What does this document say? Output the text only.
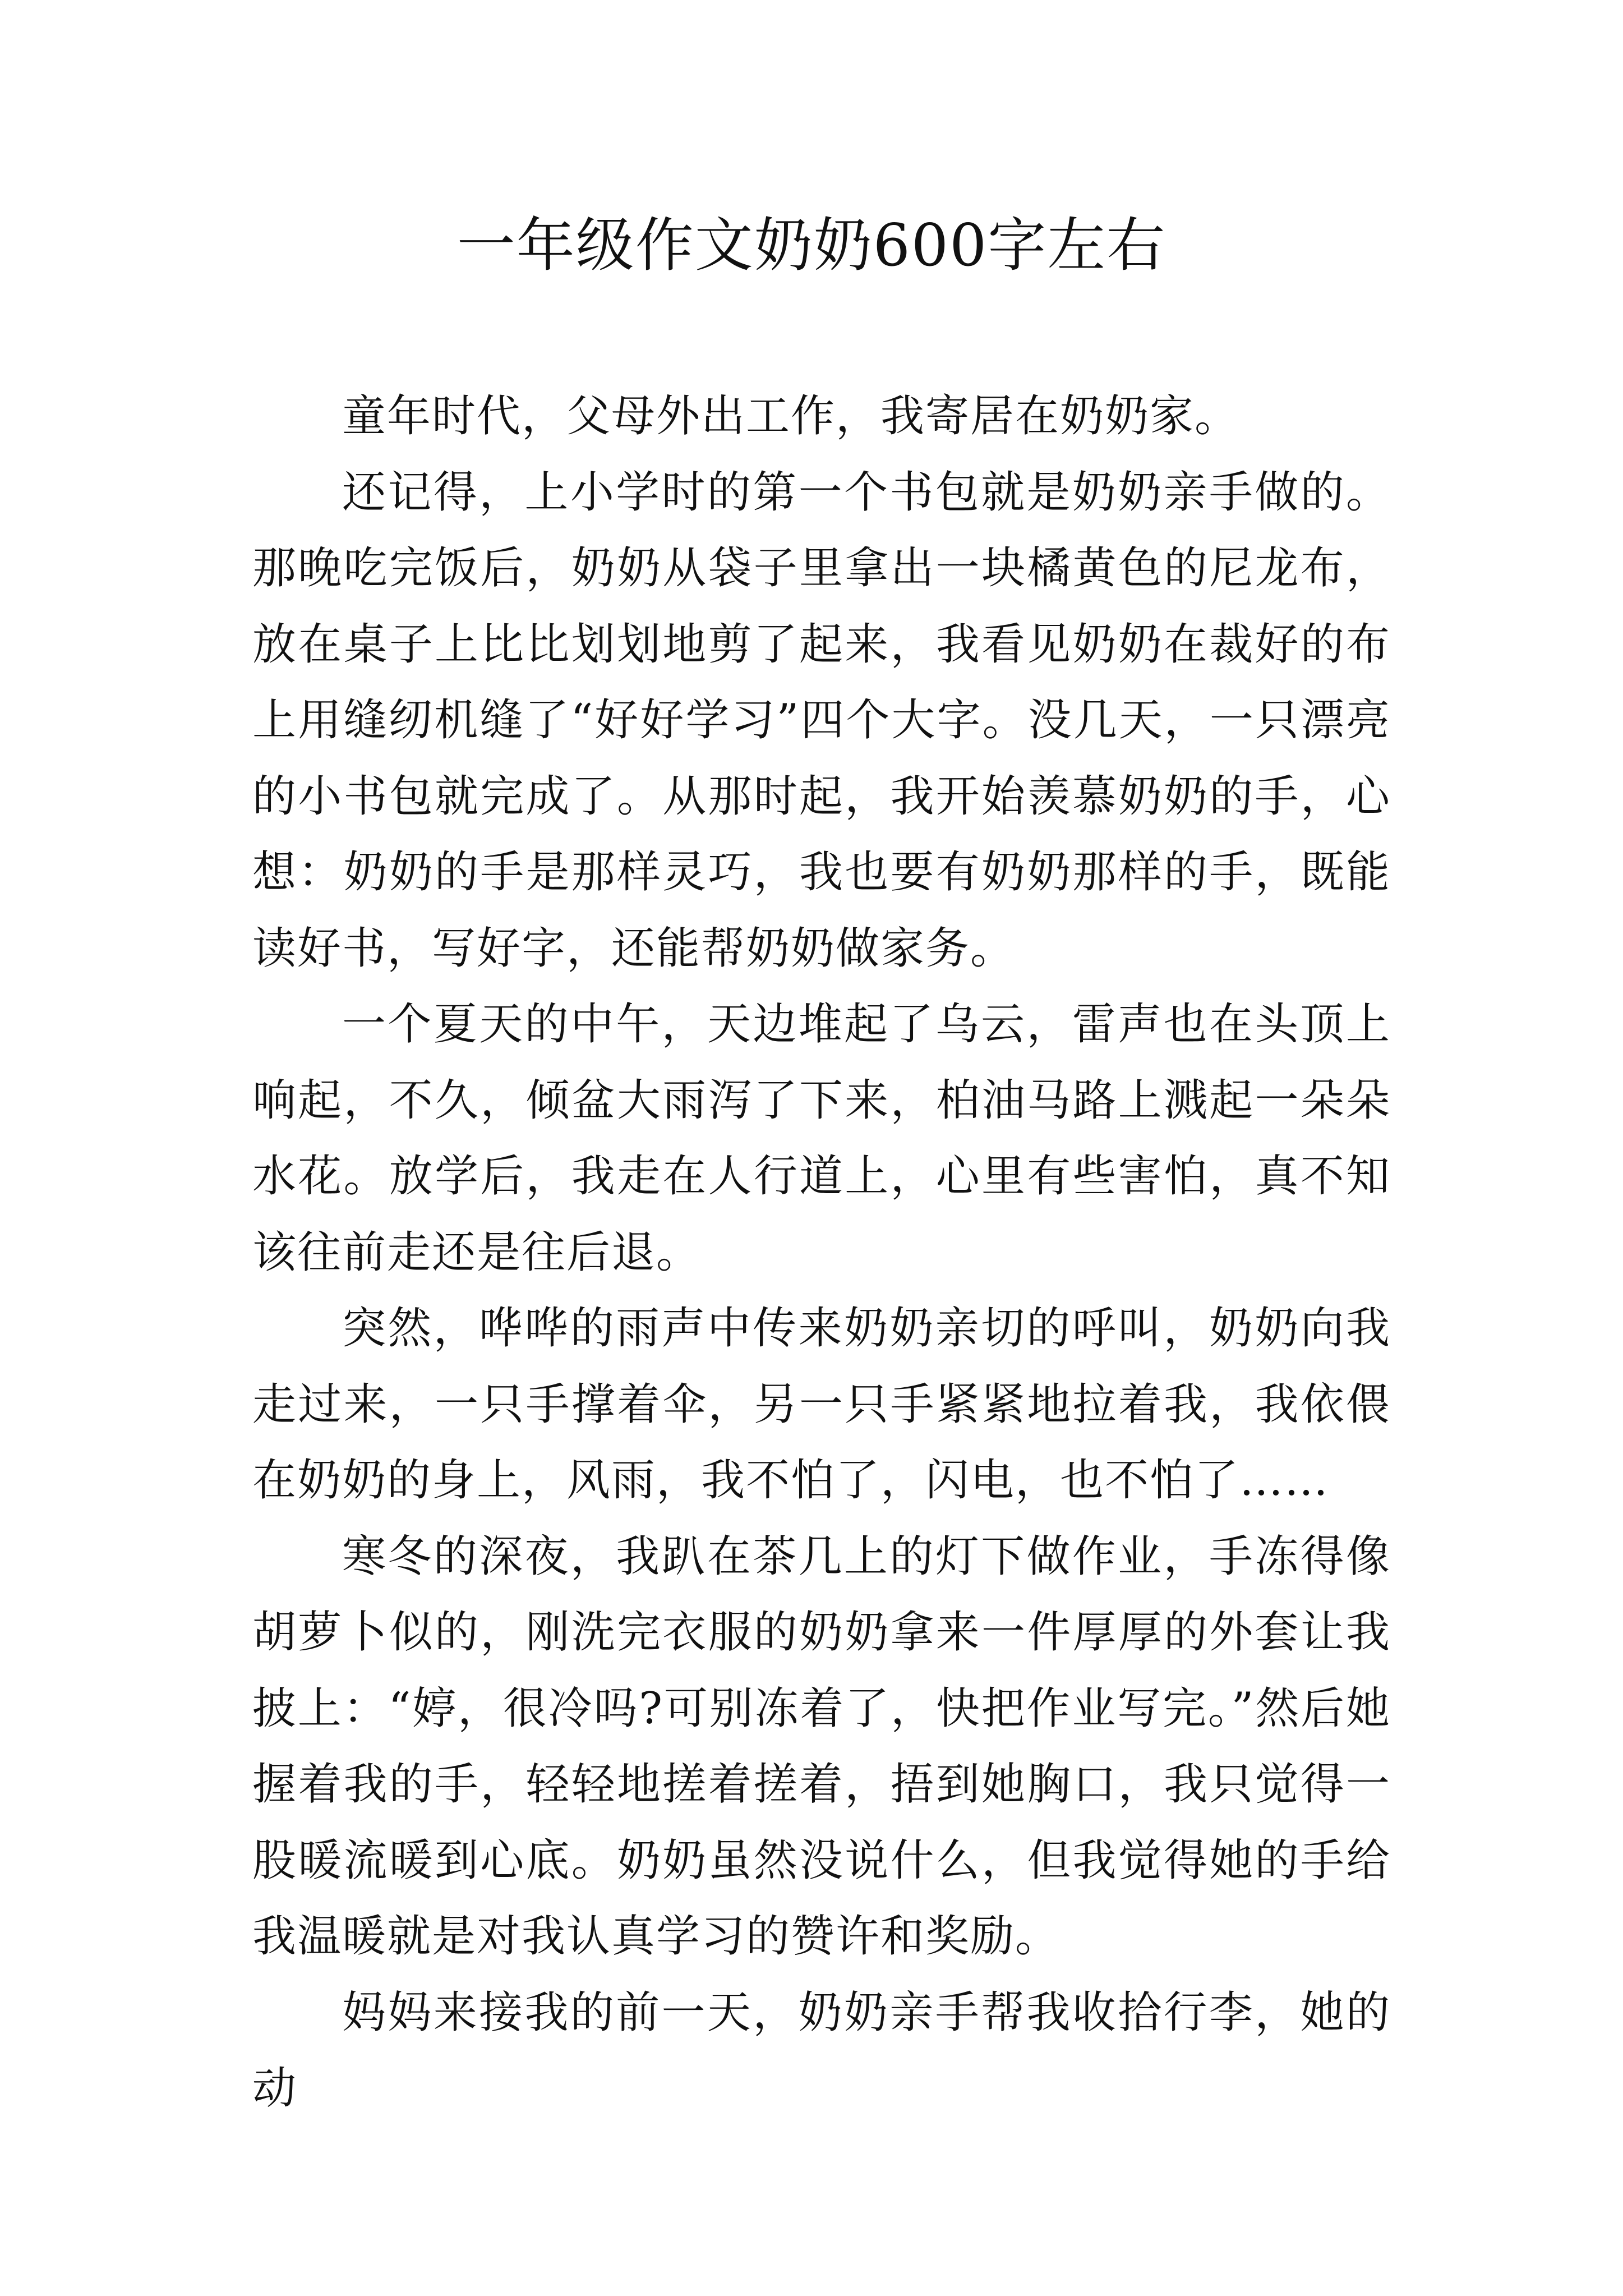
一年级作文奶奶600字左右

童年时代，父母外出工作，我寄居在奶奶家。

还记得，上小学时的第一个书包就是奶奶亲手做的。那晚吃完饭后，奶奶从袋子里拿出一块橘黄色的尼龙布，放在桌子上比比划划地剪了起来，我看见奶奶在裁好的布上用缝纫机缝了“好好学习”四个大字。没几天，一只漂亮的小书包就完成了。从那时起，我开始羡慕奶奶的手，心想：奶奶的手是那样灵巧，我也要有奶奶那样的手，既能读好书，写好字，还能帮奶奶做家务。

一个夏天的中午，天边堆起了乌云，雷声也在头顶上响起，不久，倾盆大雨泻了下来，柏油马路上溅起一朵朵水花。放学后，我走在人行道上，心里有些害怕，真不知该往前走还是往后退。

突然，哗哗的雨声中传来奶奶亲切的呼叫，奶奶向我走过来，一只手撑着伞，另一只手紧紧地拉着我，我依偎在奶奶的身上，风雨，我不怕了，闪电，也不怕了……

寒冬的深夜，我趴在茶几上的灯下做作业，手冻得像胡萝卜似的，刚洗完衣服的奶奶拿来一件厚厚的外套让我披上：“婷，很冷吗?可别冻着了，快把作业写完。”然后她握着我的手，轻轻地搓着搓着，捂到她胸口，我只觉得一股暖流暖到心底。奶奶虽然没说什么，但我觉得她的手给我温暖就是对我认真学习的赞许和奖励。

妈妈来接我的前一天，奶奶亲手帮我收拾行李，她的动
